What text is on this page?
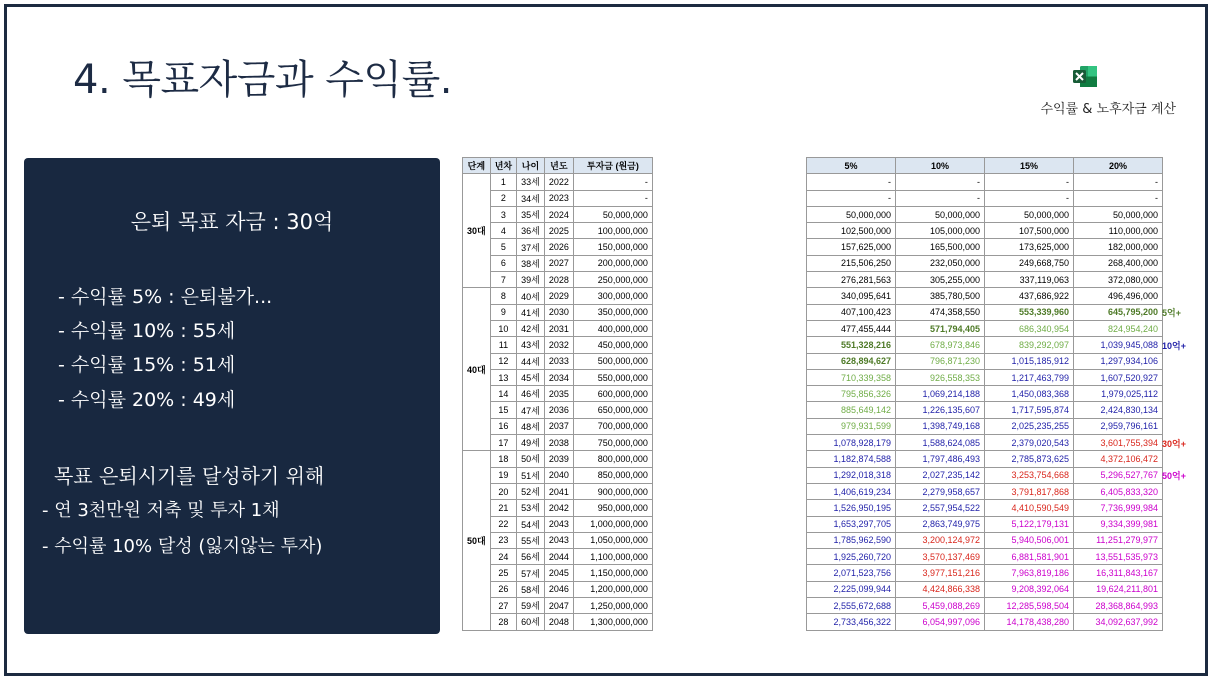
4. 목표자금과 수익률.
수익률 & 노후자금 계산
은퇴 목표 자금 : 30억
- 수익률 5% : 은퇴불가...
- 수익률 10% : 55세
- 수익률 15% : 51세
- 수익률 20% : 49세
목표 은퇴시기를 달성하기 위해
- 연 3천만원 저축 및 투자 1채
- 수익률 10% 달성 (잃지않는 투자)
단계	년차	나이	년도	투자금 (원금)
30대	1	33세	2022	-
	2	34세	2023	-
	3	35세	2024	50,000,000
	4	36세	2025	100,000,000
	5	37세	2026	150,000,000
	6	38세	2027	200,000,000
	7	39세	2028	250,000,000
40대	8	40세	2029	300,000,000
	9	41세	2030	350,000,000
	10	42세	2031	400,000,000
	11	43세	2032	450,000,000
	12	44세	2033	500,000,000
	13	45세	2034	550,000,000
	14	46세	2035	600,000,000
	15	47세	2036	650,000,000
	16	48세	2037	700,000,000
	17	49세	2038	750,000,000
50대	18	50세	2039	800,000,000
	19	51세	2040	850,000,000
	20	52세	2041	900,000,000
	21	53세	2042	950,000,000
	22	54세	2043	1,000,000,000
	23	55세	2043	1,050,000,000
	24	56세	2044	1,100,000,000
	25	57세	2045	1,150,000,000
	26	58세	2046	1,200,000,000
	27	59세	2047	1,250,000,000
	28	60세	2048	1,300,000,000
5%	10%	15%	20%
-	-	-	-
-	-	-	-
50,000,000	50,000,000	50,000,000	50,000,000
102,500,000	105,000,000	107,500,000	110,000,000
157,625,000	165,500,000	173,625,000	182,000,000
215,506,250	232,050,000	249,668,750	268,400,000
276,281,563	305,255,000	337,119,063	372,080,000
340,095,641	385,780,500	437,686,922	496,496,000
407,100,423	474,358,550	553,339,960	645,795,200
477,455,444	571,794,405	686,340,954	824,954,240
551,328,216	678,973,846	839,292,097	1,039,945,088
628,894,627	796,871,230	1,015,185,912	1,297,934,106
710,339,358	926,558,353	1,217,463,799	1,607,520,927
795,856,326	1,069,214,188	1,450,083,368	1,979,025,112
885,649,142	1,226,135,607	1,717,595,874	2,424,830,134
979,931,599	1,398,749,168	2,025,235,255	2,959,796,161
1,078,928,179	1,588,624,085	2,379,020,543	3,601,755,394
1,182,874,588	1,797,486,493	2,785,873,625	4,372,106,472
1,292,018,318	2,027,235,142	3,253,754,668	5,296,527,767
1,406,619,234	2,279,958,657	3,791,817,868	6,405,833,320
1,526,950,195	2,557,954,522	4,410,590,549	7,736,999,984
1,653,297,705	2,863,749,975	5,122,179,131	9,334,399,981
1,785,962,590	3,200,124,972	5,940,506,001	11,251,279,977
1,925,260,720	3,570,137,469	6,881,581,901	13,551,535,973
2,071,523,756	3,977,151,216	7,963,819,186	16,311,843,167
2,225,099,944	4,424,866,338	9,208,392,064	19,624,211,801
2,555,672,688	5,459,088,269	12,285,598,504	28,368,864,993
2,733,456,322	6,054,997,096	14,178,438,280	34,092,637,992
5억+
10억+
30억+
50억+
